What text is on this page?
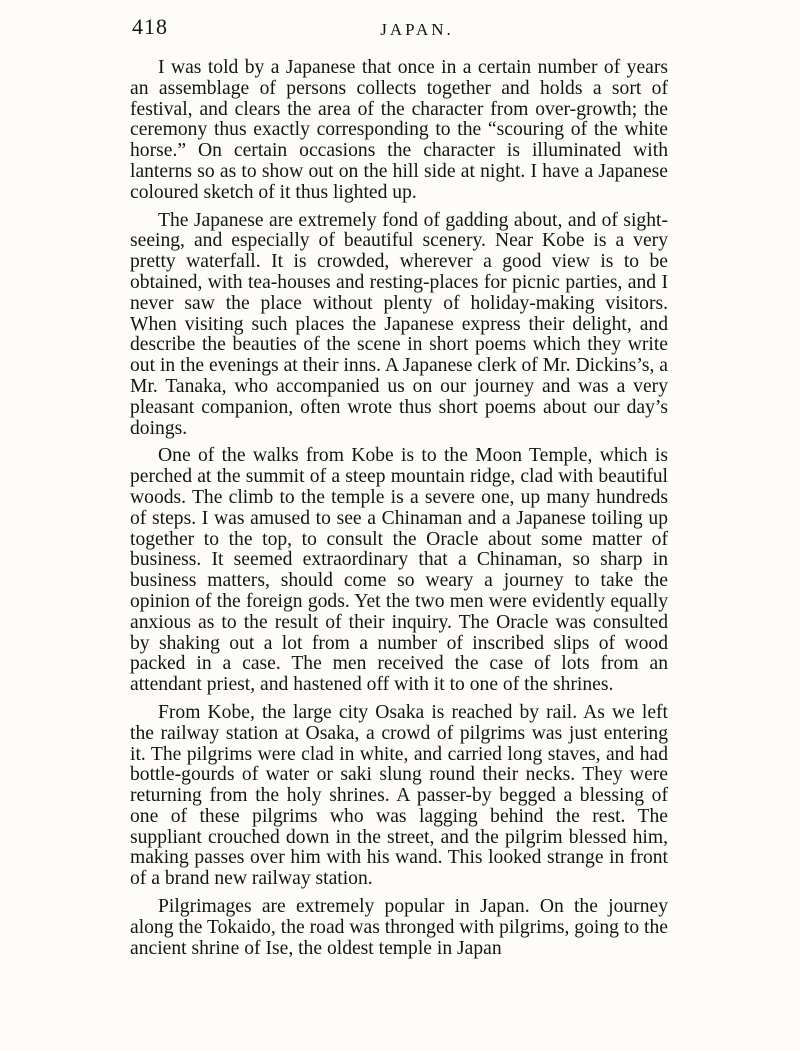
418	JAPAN.

I was told by a Japanese that once in a certain number of years an assemblage of persons collects together and holds a sort of festival, and clears the area of the character from over-growth; the ceremony thus exactly corresponding to the “scouring of the white horse.” On certain occasions the character is illuminated with lanterns so as to show out on the hill side at night. I have a Japanese coloured sketch of it thus lighted up.

The Japanese are extremely fond of gadding about, and of sight-seeing, and especially of beautiful scenery. Near Kobe is a very pretty waterfall. It is crowded, wherever a good view is to be obtained, with tea-houses and resting-places for picnic parties, and I never saw the place without plenty of holiday-making visitors. When visiting such places the Japanese express their delight, and describe the beauties of the scene in short poems which they write out in the evenings at their inns. A Japanese clerk of Mr. Dickins’s, a Mr. Tanaka, who accompanied us on our journey and was a very pleasant companion, often wrote thus short poems about our day’s doings.

One of the walks from Kobe is to the Moon Temple, which is perched at the summit of a steep mountain ridge, clad with beautiful woods. The climb to the temple is a severe one, up many hundreds of steps. I was amused to see a Chinaman and a Japanese toiling up together to the top, to consult the Oracle about some matter of business. It seemed extraordinary that a Chinaman, so sharp in business matters, should come so weary a journey to take the opinion of the foreign gods. Yet the two men were evidently equally anxious as to the result of their inquiry. The Oracle was consulted by shaking out a lot from a number of inscribed slips of wood packed in a case. The men received the case of lots from an attendant priest, and hastened off with it to one of the shrines.

From Kobe, the large city Osaka is reached by rail. As we left the railway station at Osaka, a crowd of pilgrims was just entering it. The pilgrims were clad in white, and carried long staves, and had bottle-gourds of water or saki slung round their necks. They were returning from the holy shrines. A passer-by begged a blessing of one of these pilgrims who was lagging behind the rest. The suppliant crouched down in the street, and the pilgrim blessed him, making passes over him with his wand. This looked strange in front of a brand new railway station.

Pilgrimages are extremely popular in Japan. On the journey along the Tokaido, the road was thronged with pilgrims, going to the ancient shrine of Ise, the oldest temple in Japan
